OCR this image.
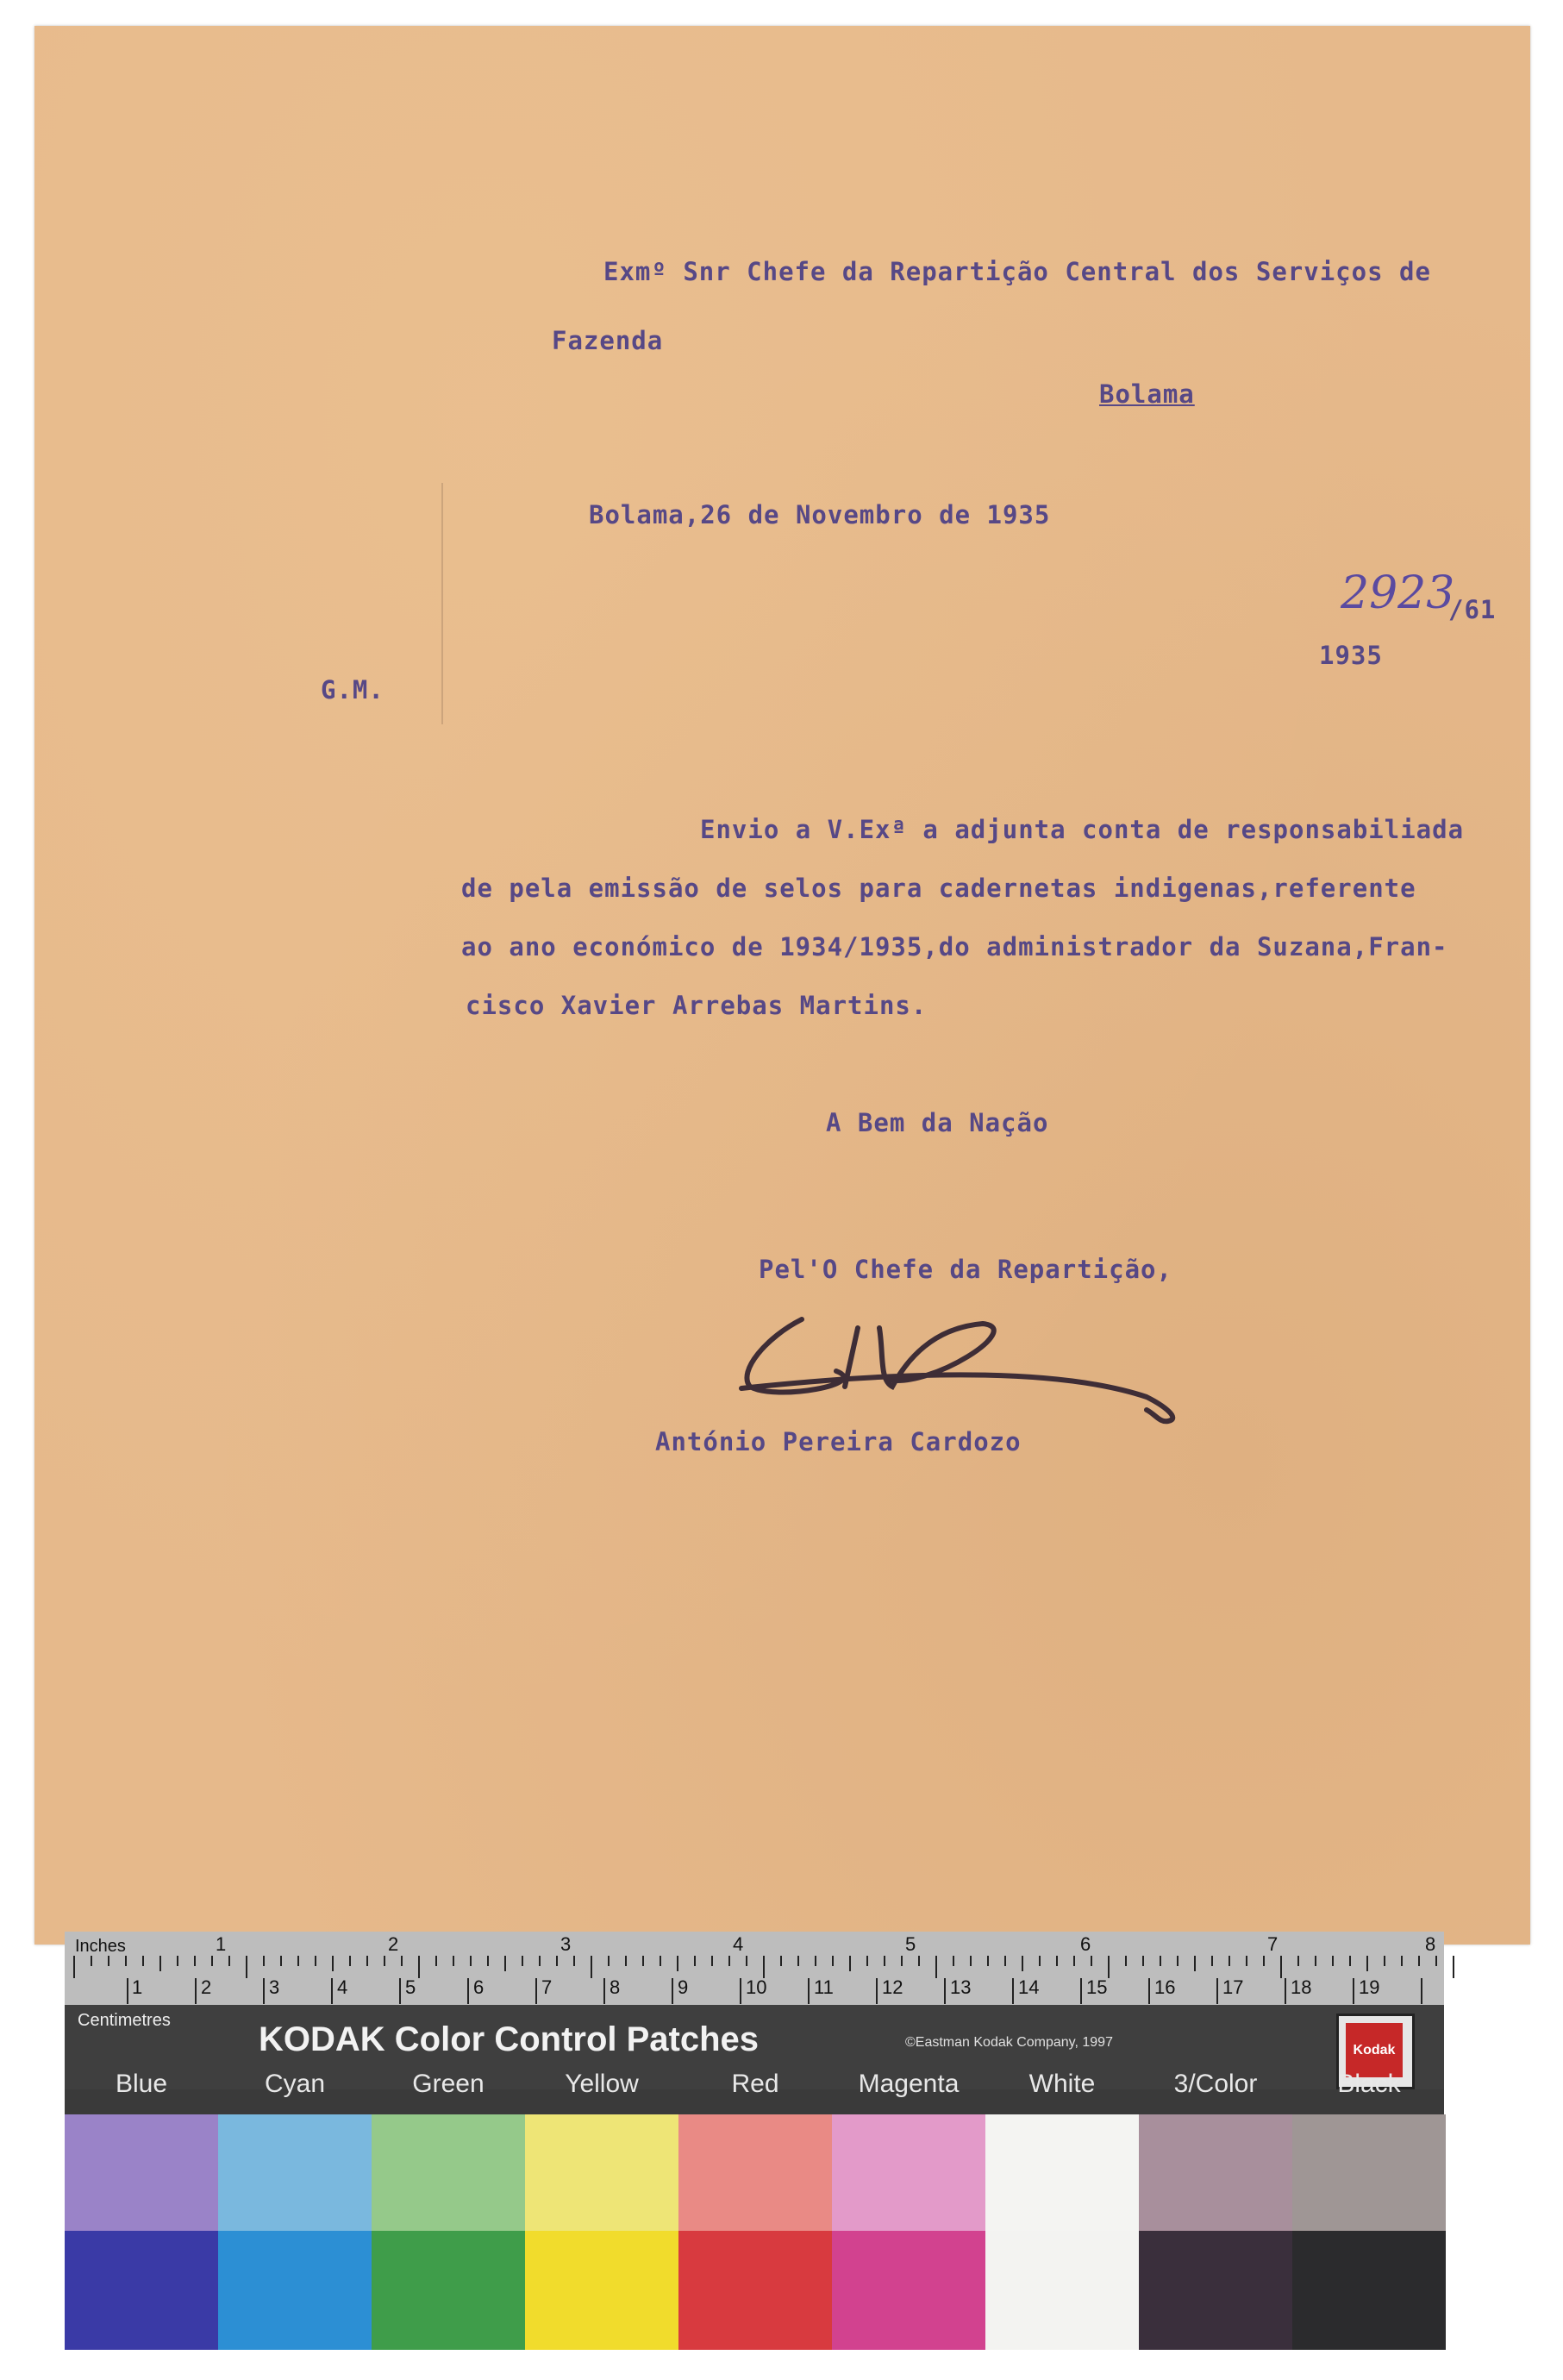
Exmº Snr Chefe da Repartição Central dos Serviços de
Fazenda
Bolama
Bolama,26 de Novembro de 1935
2923
/61
1935
G.M.
Envio a V.Exª a adjunta conta de responsabiliada
de pela emissão de selos para cadernetas indigenas,referente
ao ano económico de 1934/1935,do administrador da Suzana,Fran-
cisco Xavier Arrebas Martins.
A Bem da Nação
Pel'O Chefe da Repartição,
António Pereira Cardozo
Inches	1	2	3	4	5	6	7	8
1	2	3	4	5	6	7	8	9	10 11	12 13 14 15 16 17 18 19
Centimetres	KODAK Color Control Patches	©Eastman Kodak Company, 1997
Kodak
Blue	Cyan	Green	Yellow	Red	Magenta	White	3/Color	Black
